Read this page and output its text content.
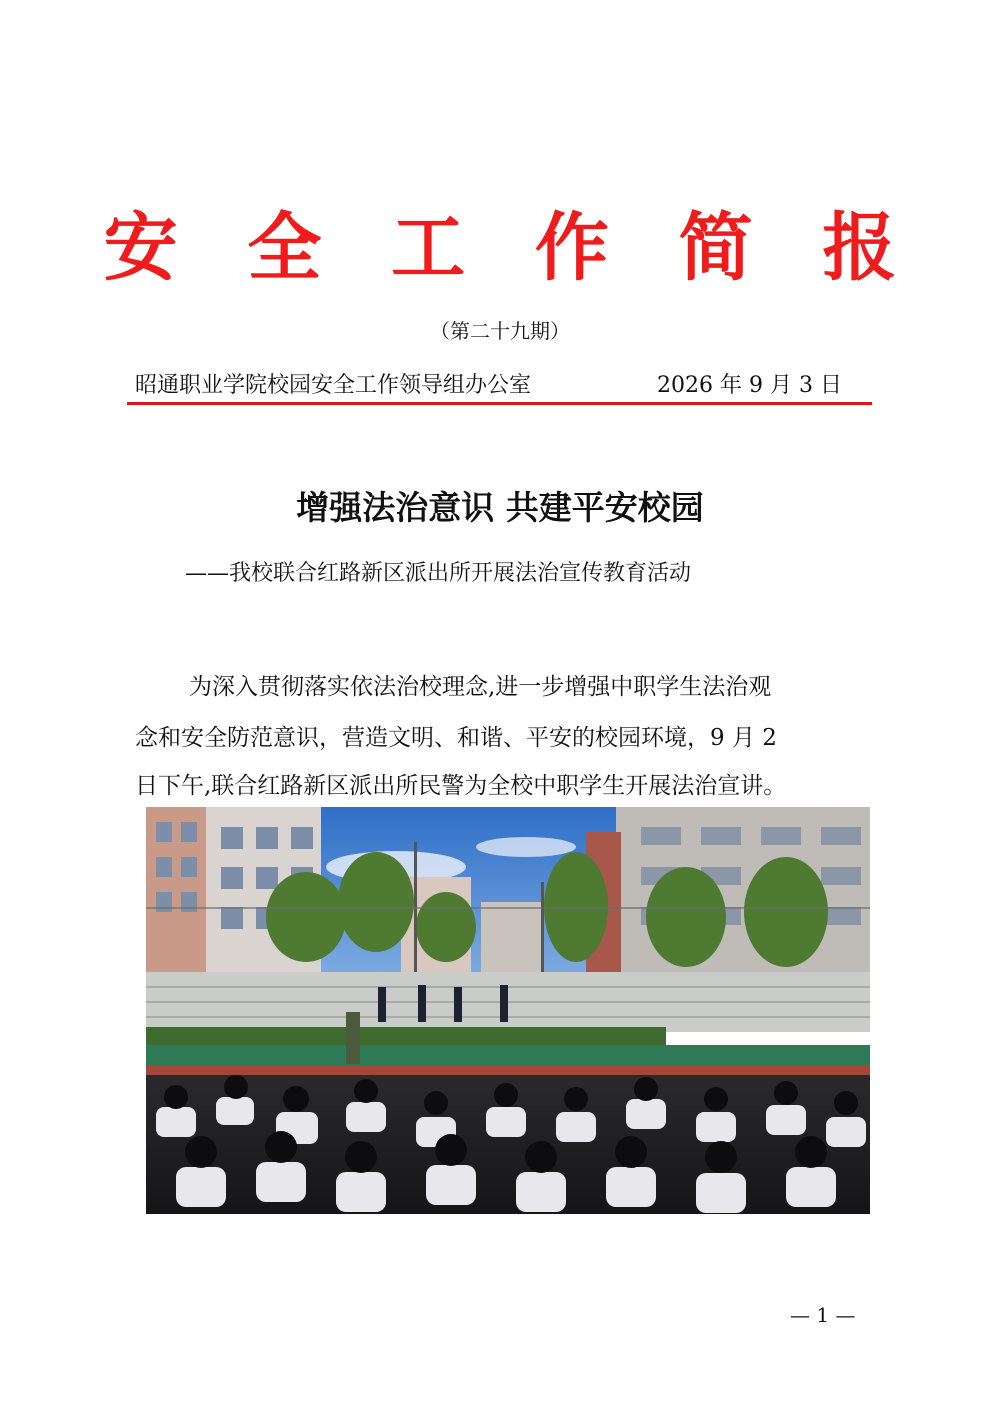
安 全 工 作 简 报
（第二十九期）
昭通职业学院校园安全工作领导组办公室	2026 年 9 月 3 日
增强法治意识 共建平安校园
——我校联合红路新区派出所开展法治宣传教育活动
为深入贯彻落实依法治校理念,进一步增强中职学生法治观
念和安全防范意识，营造文明、和谐、平安的校园环境，9 月 2
日下午,联合红路新区派出所民警为全校中职学生开展法治宣讲。
— 1 —
